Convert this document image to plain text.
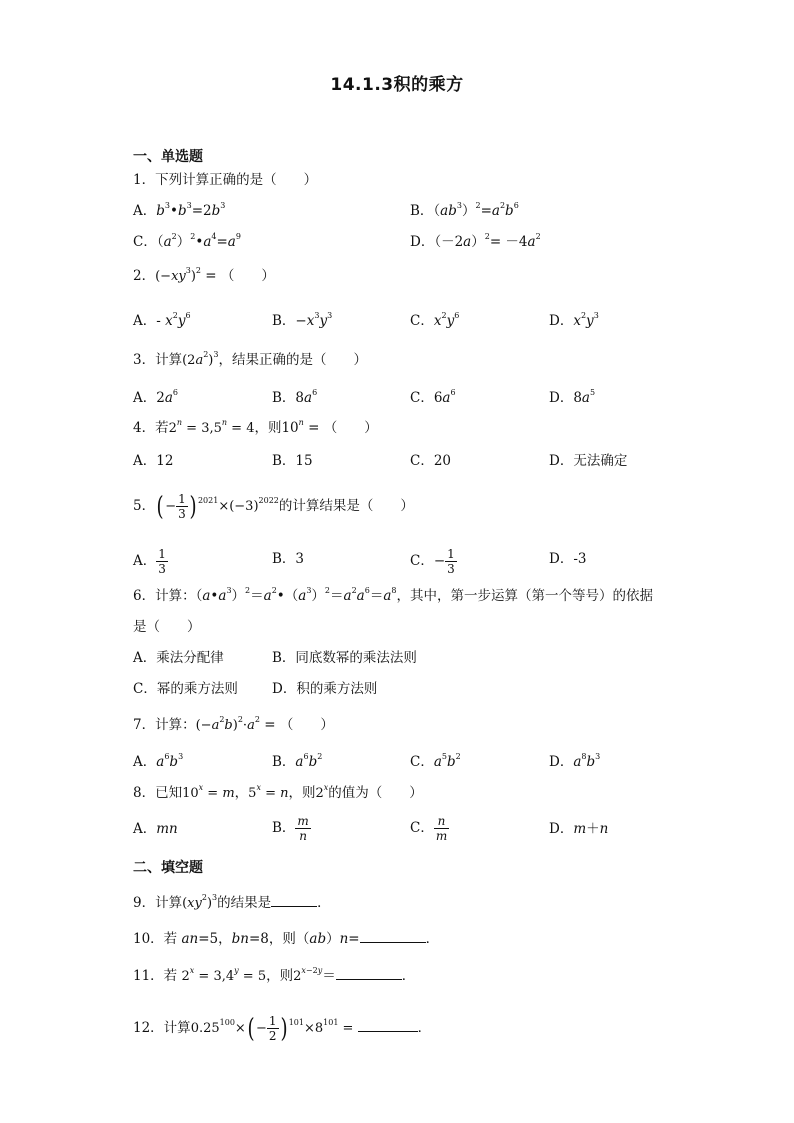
14.1.3积的乘方
一、单选题
1．下列计算正确的是（　　）
A．$b^3•b^3=2b^3$	B．$(ab^3)^2=a^2b^6$
C．$(a^2)^2•a^4=a^9$	D．$(-2a)^2= -4a^2$
2．$(-xy^3)^2$ = （　　）
A．- $x^2y^6$	B．$-x^3y^3$	C．$x^2y^6$	D．$x^2y^3$
3．计算$(2a^2)^3$，结果正确的是（　　）
A．$2a^6$	B．$8a^6$	C．$6a^6$	D．$8a^5$
4．若$2^n = 3,5^n = 4$，则$10^n$ = （　　）
A．12	B．15	C．20	D．无法确定
5．( − $\frac{1}{3}$ ) $^{2021}\times(-3)^{2022}$的计算结果是（　　）
A． $\frac{1}{3}$	B．3	C．− $\frac{1}{3}$	D．-3
6．计算：$(a•a^3)^2=a^2•(a^3)^2=a^2a^6=a^8$，其中，第一步运算（第一个等号）的依据
是（　　）
A．乘法分配律	B．同底数幂的乘法法则
C．幂的乘方法则	D．积的乘方法则
7．计算：$(-a^2b)^2\cdot a^2$ = （　　）
A．$a^6b^3$	B．$a^6b^2$	C．$a^5b^2$	D．$a^8b^3$
8．已知$10^x = m$，$5^x = n$，则2$^x$的值为（　　）
A．mn	B． $\frac{m}{n}$	C． $\frac{n}{m}$	D．m＋n
二、填空题
9．计算$(xy^2)^3$的结果是	．
10．若 an=5，bn=8，则（ab）n=	．
11．若 $2^x = 3,4^y = 5$，则$2^{x-2y}=$	．
12．计算$0.25^{100}\times( - \frac{1}{2}$ ) $^{101}\times 8^{101}$ =	．
